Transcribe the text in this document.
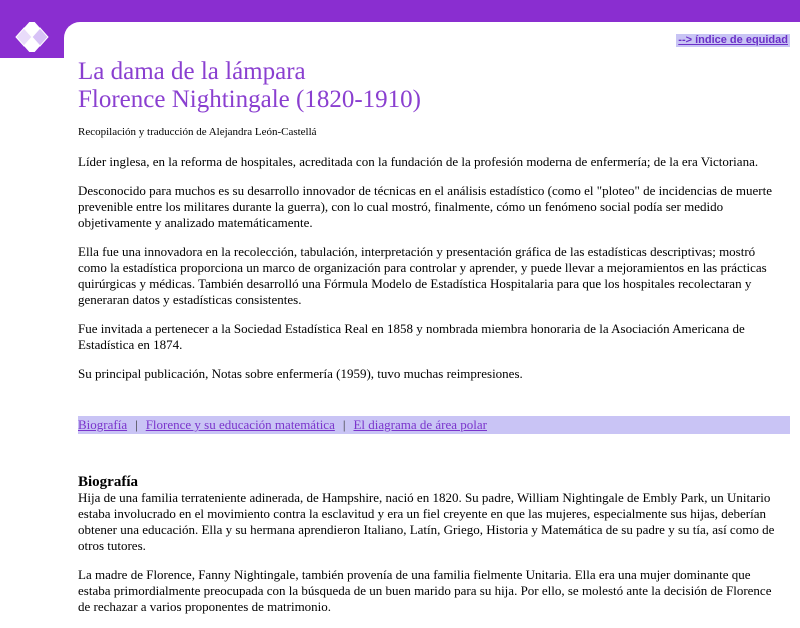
--> índice de equidad
La dama de la lámpara
Florence Nightingale (1820-1910)
Recopilación y traducción de Alejandra León-Castellá

Líder inglesa, en la reforma de hospitales, acreditada con la fundación de la profesión moderna de enfermería; de la era Victoriana.

Desconocido para muchos es su desarrollo innovador de técnicas en el análisis estadístico (como el "ploteo" de incidencias de muerte prevenible entre los militares durante la guerra), con lo cual mostró, finalmente, cómo un fenómeno social podía ser medido objetivamente y analizado matemáticamente.

Ella fue una innovadora en la recolección, tabulación, interpretación y presentación gráfica de las estadísticas descriptivas; mostró como la estadística proporciona un marco de organización para controlar y aprender, y puede llevar a mejoramientos en las prácticas quirúrgicas y médicas. También desarrolló una Fórmula Modelo de Estadística Hospitalaria para que los hospitales recolectaran y generaran datos y estadísticas consistentes.

Fue invitada a pertenecer a la Sociedad Estadística Real en 1858 y nombrada miembra honoraria de la Asociación Americana de Estadística en 1874.

Su principal publicación, Notas sobre enfermería (1959), tuvo muchas reimpresiones.

Biografía | Florence y su educación matemática | El diagrama de área polar
Biografía

Hija de una familia terrateniente adinerada, de Hampshire, nació en 1820. Su padre, William Nightingale de Embly Park, un Unitario estaba involucrado en el movimiento contra la esclavitud y era un fiel creyente en que las mujeres, especialmente sus hijas, deberían obtener una educación. Ella y su hermana aprendieron Italiano, Latín, Griego, Historia y Matemática de su padre y su tía, así como de otros tutores.

La madre de Florence, Fanny Nightingale, también provenía de una familia fielmente Unitaria. Ella era una mujer dominante que estaba primordialmente preocupada con la búsqueda de un buen marido para su hija. Por ello, se molestó ante la decisión de Florence de rechazar a varios proponentes de matrimonio.
